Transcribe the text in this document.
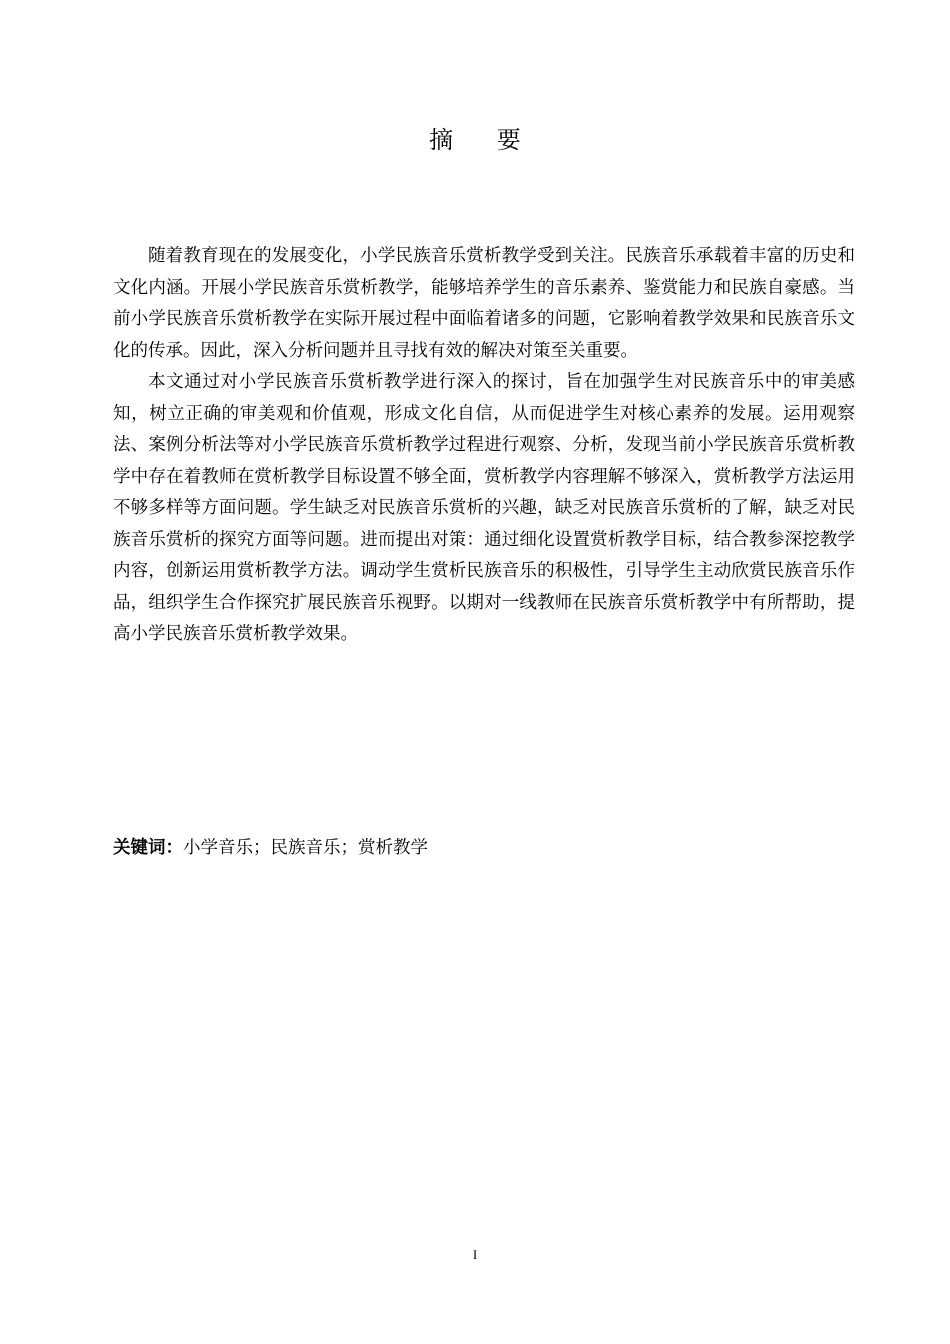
摘 要

随着教育现在的发展变化，小学民族音乐赏析教学受到关注。民族音乐承载着丰富的历史和文化内涵。开展小学民族音乐赏析教学，能够培养学生的音乐素养、鉴赏能力和民族自豪感。当前小学民族音乐赏析教学在实际开展过程中面临着诸多的问题，它影响着教学效果和民族音乐文化的传承。因此，深入分析问题并且寻找有效的解决对策至关重要。

本文通过对小学民族音乐赏析教学进行深入的探讨，旨在加强学生对民族音乐中的审美感知，树立正确的审美观和价值观，形成文化自信，从而促进学生对核心素养的发展。运用观察法、案例分析法等对小学民族音乐赏析教学过程进行观察、分析，发现当前小学民族音乐赏析教学中存在着教师在赏析教学目标设置不够全面，赏析教学内容理解不够深入，赏析教学方法运用不够多样等方面问题。学生缺乏对民族音乐赏析的兴趣，缺乏对民族音乐赏析的了解，缺乏对民族音乐赏析的探究方面等问题。进而提出对策：通过细化设置赏析教学目标，结合教参深挖教学内容，创新运用赏析教学方法。调动学生赏析民族音乐的积极性，引导学生主动欣赏民族音乐作品，组织学生合作探究扩展民族音乐视野。以期对一线教师在民族音乐赏析教学中有所帮助，提高小学民族音乐赏析教学效果。

关键词：小学音乐；民族音乐；赏析教学
I
